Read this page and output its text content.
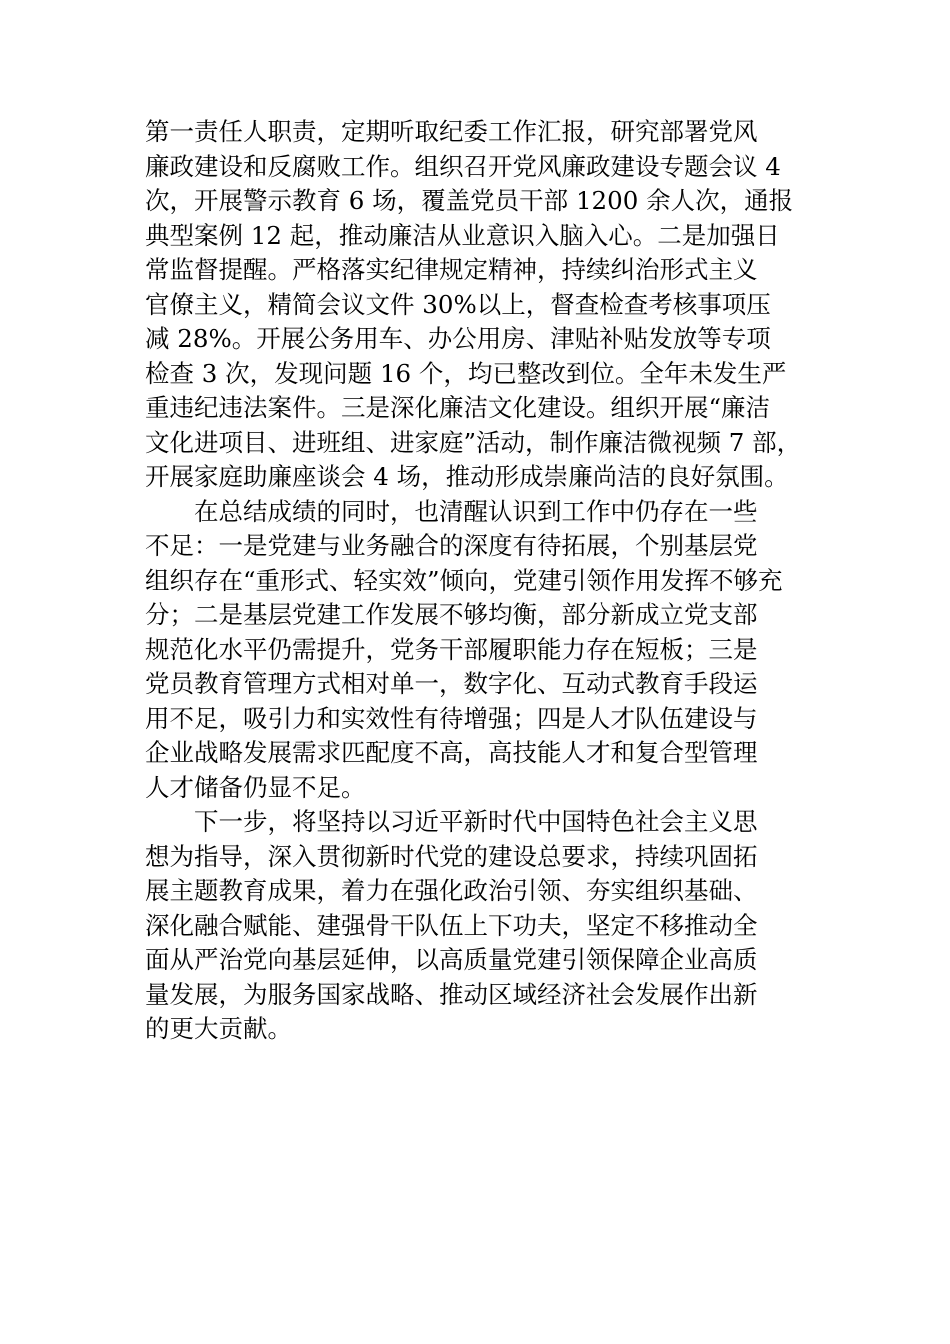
第一责任人职责，定期听取纪委工作汇报，研究部署党风
廉政建设和反腐败工作。组织召开党风廉政建设专题会议 4
次，开展警示教育 6 场，覆盖党员干部 1200 余人次，通报
典型案例 12 起，推动廉洁从业意识入脑入心。二是加强日
常监督提醒。严格落实纪律规定精神，持续纠治形式主义
官僚主义，精简会议文件 30%以上，督查检查考核事项压
减 28%。开展公务用车、办公用房、津贴补贴发放等专项
检查 3 次，发现问题 16 个，均已整改到位。全年未发生严
重违纪违法案件。三是深化廉洁文化建设。组织开展“廉洁
文化进项目、进班组、进家庭”活动，制作廉洁微视频 7 部，
开展家庭助廉座谈会 4 场，推动形成崇廉尚洁的良好氛围。

在总结成绩的同时，也清醒认识到工作中仍存在一些
不足：一是党建与业务融合的深度有待拓展，个别基层党
组织存在“重形式、轻实效”倾向，党建引领作用发挥不够充
分；二是基层党建工作发展不够均衡，部分新成立党支部
规范化水平仍需提升，党务干部履职能力存在短板；三是
党员教育管理方式相对单一，数字化、互动式教育手段运
用不足，吸引力和实效性有待增强；四是人才队伍建设与
企业战略发展需求匹配度不高，高技能人才和复合型管理
人才储备仍显不足。

下一步，将坚持以习近平新时代中国特色社会主义思
想为指导，深入贯彻新时代党的建设总要求，持续巩固拓
展主题教育成果，着力在强化政治引领、夯实组织基础、
深化融合赋能、建强骨干队伍上下功夫，坚定不移推动全
面从严治党向基层延伸，以高质量党建引领保障企业高质
量发展，为服务国家战略、推动区域经济社会发展作出新
的更大贡献。
